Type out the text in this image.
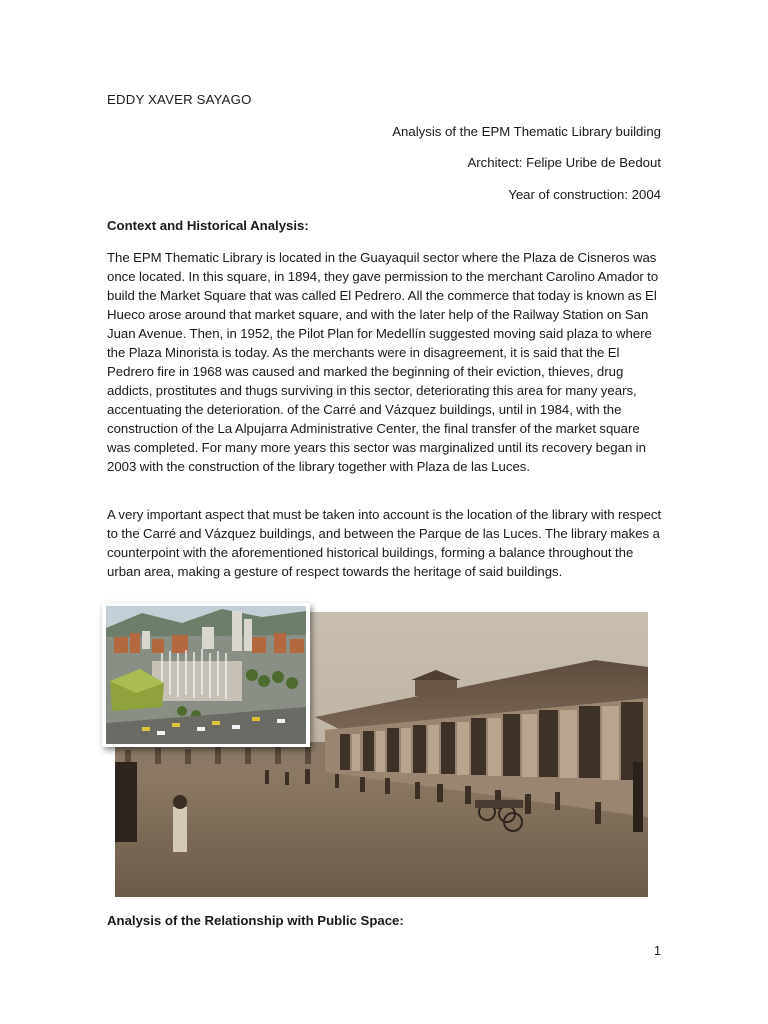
EDDY XAVER SAYAGO
Analysis of the EPM Thematic Library building
Architect: Felipe Uribe de Bedout
Year of construction: 2004
Context and Historical Analysis:
The EPM Thematic Library is located in the Guayaquil sector where the Plaza de Cisneros was once located. In this square, in 1894, they gave permission to the merchant Carolino Amador to build the Market Square that was called El Pedrero. All the commerce that today is known as El Hueco arose around that market square, and with the later help of the Railway Station on San Juan Avenue. Then, in 1952, the Pilot Plan for Medellín suggested moving said plaza to where the Plaza Minorista is today. As the merchants were in disagreement, it is said that the El Pedrero fire in 1968 was caused and marked the beginning of their eviction, thieves, drug addicts, prostitutes and thugs surviving in this sector, deteriorating this area for many years, accentuating the deterioration. of the Carré and Vázquez buildings, until in 1984, with the construction of the La Alpujarra Administrative Center, the final transfer of the market square was completed. For many more years this sector was marginalized until its recovery began in 2003 with the construction of the library together with Plaza de las Luces.
A very important aspect that must be taken into account is the location of the library with respect to the Carré and Vázquez buildings, and between the Parque de las Luces. The library makes a counterpoint with the aforementioned historical buildings, forming a balance throughout the urban area, making a gesture of respect towards the heritage of said buildings.
Analysis of the Relationship with Public Space:
1
